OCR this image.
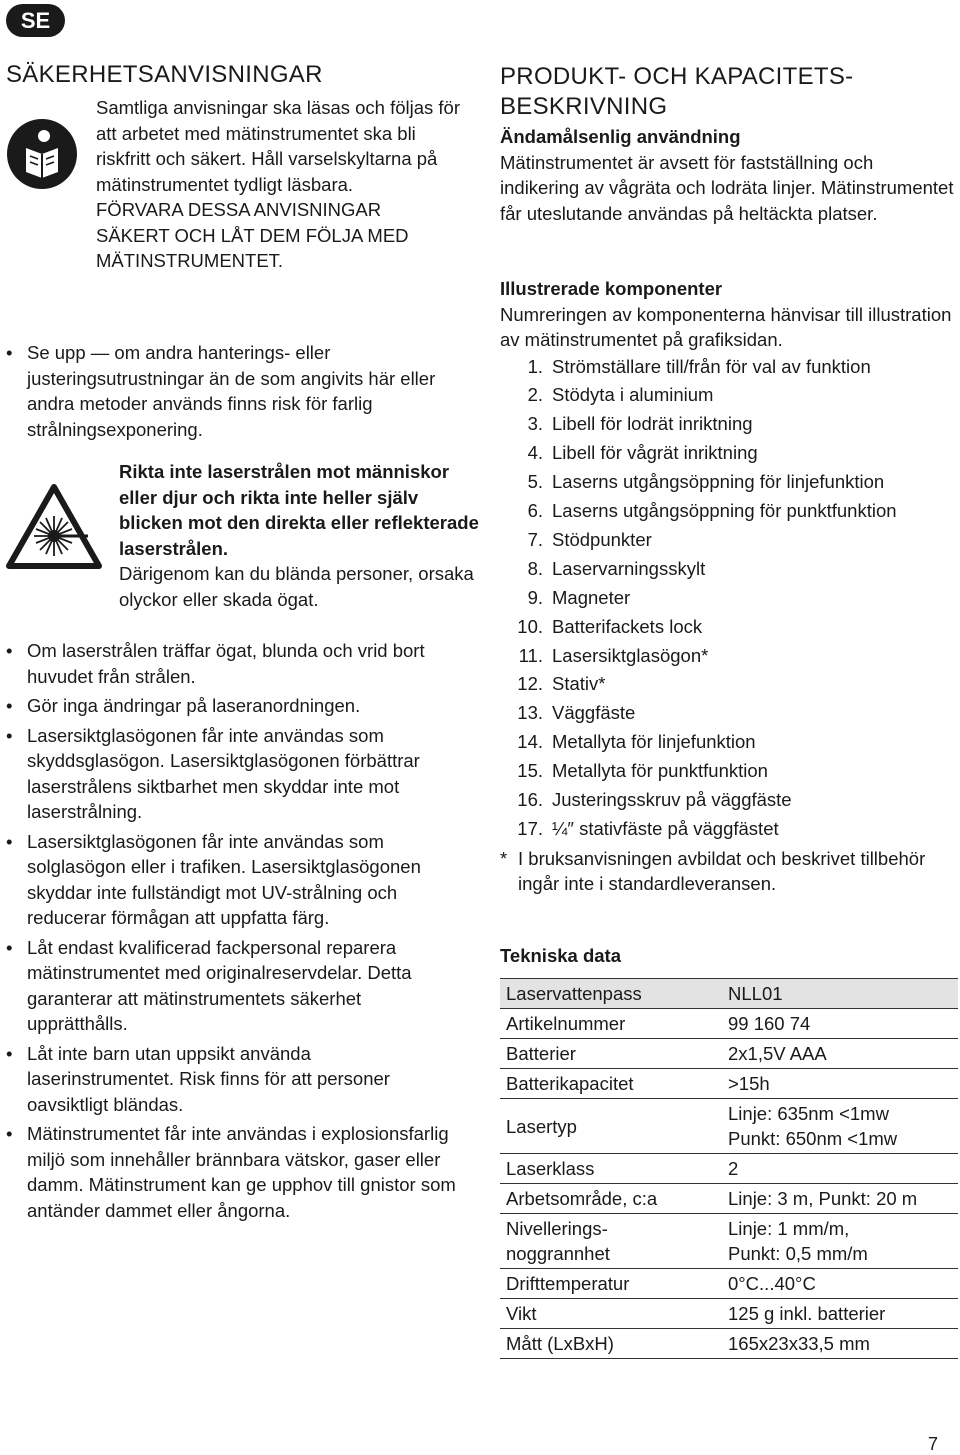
SE
SÄKERHETSANVISNINGAR
Samtliga anvisningar ska läsas och följas för att arbetet med mätinstrumentet ska bli riskfritt och säkert. Håll varselskyltarna på mätinstrumentet tydligt läsbara.
FÖRVARA DESSA ANVISNINGAR
SÄKERT OCH LÅT DEM FÖLJA MED
MÄTINSTRUMENTET.
• Se upp — om andra hanterings- eller justeringsutrustningar än de som angivits här eller andra metoder används finns risk för farlig strålningsexponering.
Rikta inte laserstrålen mot människor eller djur och rikta inte heller själv blicken mot den direkta eller reflekterade laserstrålen.
Därigenom kan du blända personer, orsaka olyckor eller skada ögat.
• Om laserstrålen träffar ögat, blunda och vrid bort huvudet från strålen.
• Gör inga ändringar på laseranordningen.
• Lasersiktglasögonen får inte användas som skyddsglasögon. Lasersiktglasögonen förbättrar laserstrålens siktbarhet men skyddar inte mot laserstrålning.
• Lasersiktglasögonen får inte användas som solglasögon eller i trafiken. Lasersiktglasögonen skyddar inte fullständigt mot UV-strålning och reducerar förmågan att uppfatta färg.
• Låt endast kvalificerad fackpersonal reparera mätinstrumentet med originalreservdelar. Detta garanterar att mätinstrumentets säkerhet upprätthålls.
• Låt inte barn utan uppsikt använda laserinstrumentet. Risk finns för att personer oavsiktligt bländas.
• Mätinstrumentet får inte användas i explosionsfarlig miljö som innehåller brännbara vätskor, gaser eller damm. Mätinstrument kan ge upphov till gnistor som antänder dammet eller ångorna.
PRODUKT- OCH KAPACITETS-
BESKRIVNING
Ändamålsenlig användning
Mätinstrumentet är avsett för fastställning och indikering av vågräta och lodräta linjer. Mätinstrumentet får uteslutande användas på heltäckta platser.
Illustrerade komponenter
Numreringen av komponenterna hänvisar till illustration av mätinstrumentet på grafiksidan.
1. Strömställare till/från för val av funktion
2. Stödyta i aluminium
3. Libell för lodrät inriktning
4. Libell för vågrät inriktning
5. Laserns utgångsöppning för linjefunktion
6. Laserns utgångsöppning för punktfunktion
7. Stödpunkter
8. Laservarningsskylt
9. Magneter
10. Batterifackets lock
11. Lasersiktglasögon*
12. Stativ*
13. Väggfäste
14. Metallyta för linjefunktion
15. Metallyta för punktfunktion
16. Justeringsskruv på väggfäste
17. ¼″ stativfäste på väggfästet
* I bruksanvisningen avbildat och beskrivet tillbehör ingår inte i standardleveransen.
Tekniska data
Laservattenpass	NLL01

Artikelnummer	99 160 74

Batterier	2x1,5V AAA

Batterikapacitet	>15h

Lasertyp	Linje: 635nm <1mw
Punkt: 650nm <1mw

Laserklass	2

Arbetsområde, c:a	Linje: 3 m, Punkt: 20 m

Nivellerings-
noggrannhet	Linje: 1 mm/m,
Punkt: 0,5 mm/m

Drifttemperatur	0°C...40°C

Vikt	125 g inkl. batterier

Mått (LxBxH)	165x23x33,5 mm
7
